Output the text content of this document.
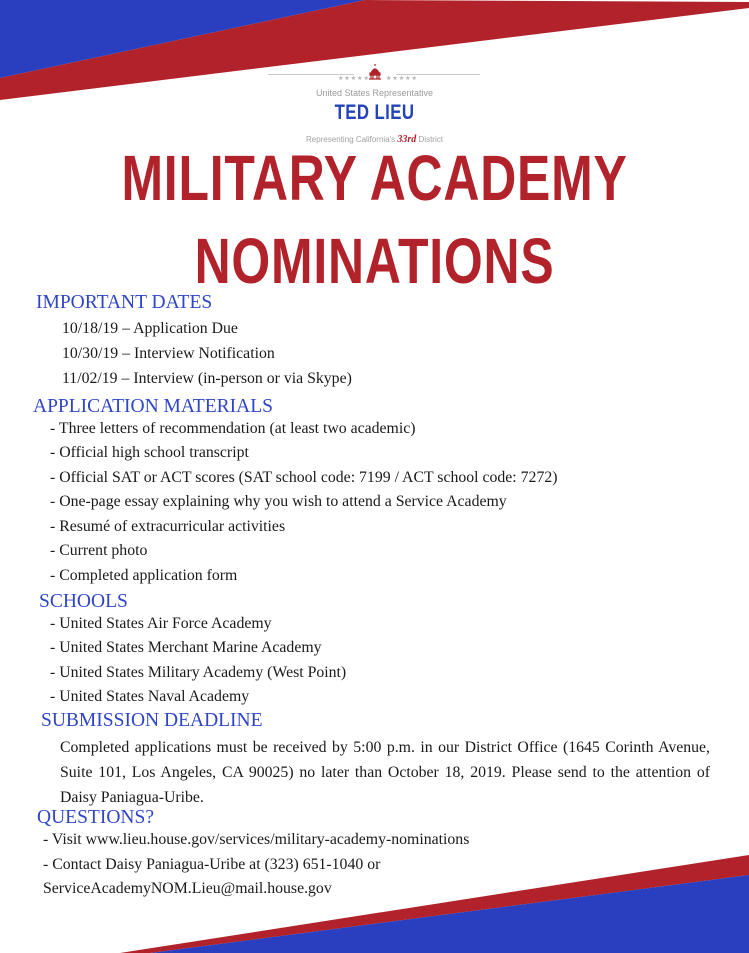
★★★★★	★★★★★
United States Representative
TED LIEU
Representing California's 33rd District
MILITARY ACADEMY
NOMINATIONS
IMPORTANT DATES
10/18/19 – Application Due
10/30/19 – Interview Notification
11/02/19 – Interview (in-person or via Skype)
APPLICATION MATERIALS
- Three letters of recommendation (at least two academic)
- Official high school transcript
- Official SAT or ACT scores (SAT school code: 7199 / ACT school code: 7272)
- One-page essay explaining why you wish to attend a Service Academy
- Resumé of extracurricular activities
- Current photo
- Completed application form
SCHOOLS
- United States Air Force Academy
- United States Merchant Marine Academy
- United States Military Academy (West Point)
- United States Naval Academy
SUBMISSION DEADLINE
Completed applications must be received by 5:00 p.m. in our District Office (1645 Corinth Avenue, Suite 101, Los Angeles, CA 90025) no later than October 18, 2019. Please send to the attention of Daisy Paniagua-Uribe.
QUESTIONS?
- Visit www.lieu.house.gov/services/military-academy-nominations
- Contact Daisy Paniagua-Uribe at (323) 651-1040 or
ServiceAcademyNOM.Lieu@mail.house.gov
